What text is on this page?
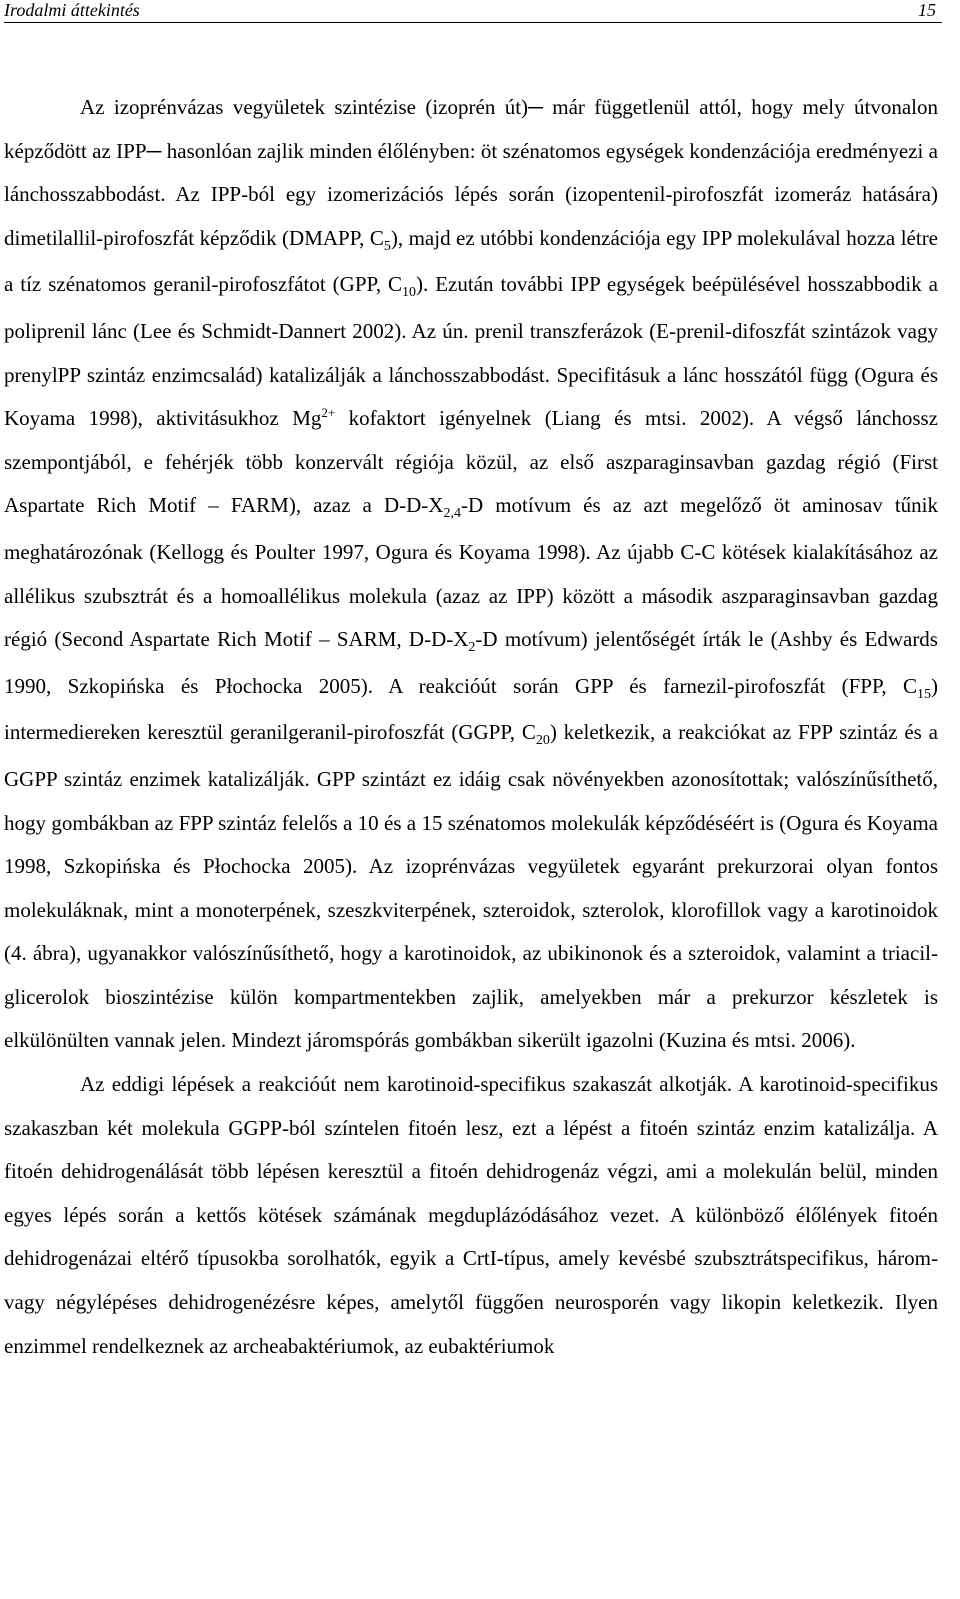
Irodalmi áttekintés	15

Az izoprénvázas vegyületek szintézise (izoprén út)─ már függetlenül attól, hogy mely útvonalon képződött az IPP─ hasonlóan zajlik minden élőlényben: öt szénatomos egységek kondenzációja eredményezi a lánchosszabbodást. Az IPP-ból egy izomerizációs lépés során (izopentenil-pirofoszfát izomeráz hatására) dimetilallil-pirofoszfát képződik (DMAPP, $C_5$), majd ez utóbbi kondenzációja egy IPP molekulával hozza létre a tíz szénatomos geranil-pirofoszfátot (GPP, $C_{10}$). Ezután további IPP egységek beépülésével hosszabbodik a poliprenil lánc (Lee és Schmidt-Dannert 2002). Az ún. prenil transzferázok (E-prenil-difoszfát szintázok vagy prenylPP szintáz enzimcsalád) katalizálják a lánchosszabbodást. Specifitásuk a lánc hosszától függ (Ogura és Koyama 1998), aktivitásukhoz $Mg^{2+}$ kofaktort igényelnek (Liang és mtsi. 2002). A végső lánchossz szempontjából, e fehérjék több konzervált régiója közül, az első aszparaginsavban gazdag régió (First Aspartate Rich Motif – FARM), azaz a $D-D-X_{2,4}-D$ motívum és az azt megelőző öt aminosav tűnik meghatározónak (Kellogg és Poulter 1997, Ogura és Koyama 1998). Az újabb C-C kötések kialakításához az allélikus szubsztrát és a homoallélikus molekula (azaz az IPP) között a második aszparaginsavban gazdag régió (Second Aspartate Rich Motif – SARM, $D-D-X_2-D$ motívum) jelentőségét írták le (Ashby és Edwards 1990, Szkopińska és Płochocka 2005). A reakcióút során GPP és farnezil-pirofoszfát (FPP, $C_{15}$) intermediereken keresztül geranilgeranil-pirofoszfát (GGPP, $C_{20}$) keletkezik, a reakciókat az FPP szintáz és a GGPP szintáz enzimek katalizálják. GPP szintázt ez idáig csak növényekben azonosítottak; valószínűsíthető, hogy gombákban az FPP szintáz felelős a 10 és a 15 szénatomos molekulák képződéséért is (Ogura és Koyama 1998, Szkopińska és Płochocka 2005). Az izoprénvázas vegyületek egyaránt prekurzorai olyan fontos molekuláknak, mint a monoterpének, szeszkviterpének, szteroidok, szterolok, klorofillok vagy a karotinoidok (4. ábra), ugyanakkor valószínűsíthető, hogy a karotinoidok, az ubikinonok és a szteroidok, valamint a triacil-glicerolok bioszintézise külön kompartmentekben zajlik, amelyekben már a prekurzor készletek is elkülönülten vannak jelen. Mindezt járomspórás gombákban sikerült igazolni (Kuzina és mtsi. 2006).

Az eddigi lépések a reakcióút nem karotinoid-specifikus szakaszát alkotják. A karotinoid-specifikus szakaszban két molekula GGPP-ból színtelen fitoén lesz, ezt a lépést a fitoén szintáz enzim katalizálja. A fitoén dehidrogenálását több lépésen keresztül a fitoén dehidrogenáz végzi, ami a molekulán belül, minden egyes lépés során a kettős kötések számának megduplázódásához vezet. A különböző élőlények fitoén dehidrogenázai eltérő típusokba sorolhatók, egyik a CrtI-típus, amely kevésbé szubsztrátspecifikus, három- vagy négylépéses dehidrogenézésre képes, amelytől függően neurosporén vagy likopin keletkezik. Ilyen enzimmel rendelkeznek az archeabaktériumok, az eubaktériumok
